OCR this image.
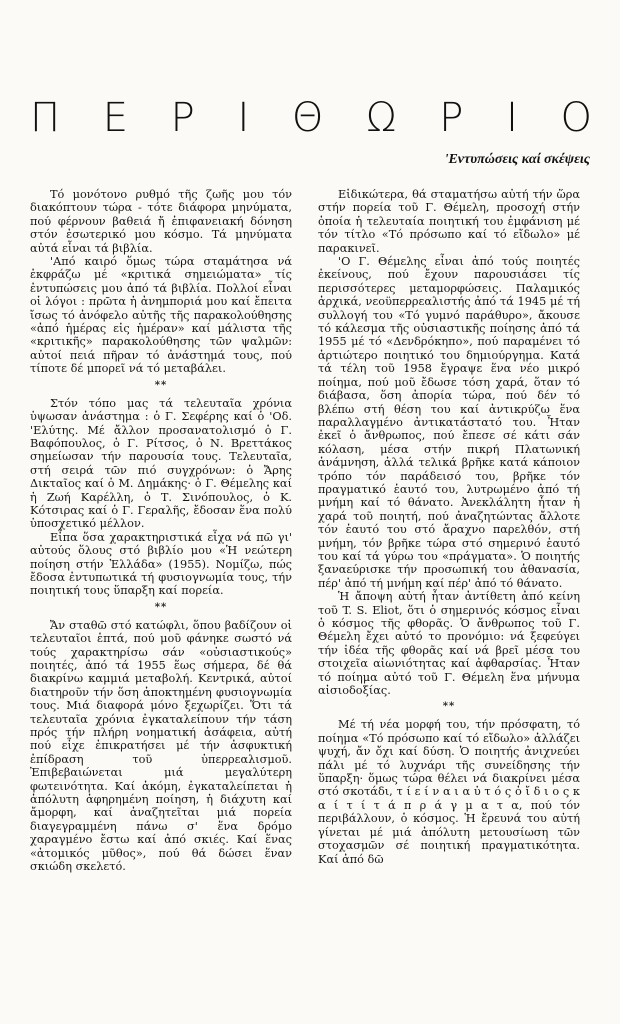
Π Ε Ρ Ι Θ Ω Ρ Ι Ο
'Εντυπώσεις καί σκέψεις

Τό μονότονο ρυθμό τῆς ζωῆς μου τόν διακόπτουν τώρα - τότε διάφορα μηνύματα, πού φέρνουν βαθειά ἤ ἐπιφανειακή δόνηση στόν ἐσωτερικό μου κόσμο. Τά μηνύματα αὐτά εἶναι τά βιβλία.

'Από καιρό ὅμως τώρα σταμάτησα νά ἐκφράζω μέ «κριτικά σημειώματα» τίς ἐντυπώσεις μου ἀπό τά βιβλία. Πολλοί εἶναι οἱ λόγοι : πρῶτα ἡ ἀνημποριά μου καί ἔπειτα ἴσως τό ἀνόφελο αὐτῆς τῆς παρακολούθησης «ἀπό ἡμέρας εἰς ἡμέραν» καί μάλιστα τῆς «κριτικῆς» παρακολούθησης τῶν ψαλμῶν: αὐτοί πειά πῆραν τό ἀνάστημά τους, πού τίποτε δέ μπορεῖ νά τό μεταβάλει.

**

Στόν τόπο μας τά τελευταῖα χρόνια ὑψωσαν ἀνάστημα : ὁ Γ. Σεφέρης καί ὁ 'Οδ. 'Ελύτης. Μέ ἄλλον προσανατολισμό ὁ Γ. Βαφόπουλος, ὁ Γ. Ρίτσος, ὁ Ν. Βρεττάκος σημείωσαν τήν παρουσία τους. Τελευταῖα, στή σειρά τῶν πιό συγχρόνων: ὁ Ἄρης Δικταῖος καί ὁ Μ. Δημάκης· ὁ Γ. Θέμελης καί ἡ Ζωή Καρέλλη, ὁ Τ. Σινόπουλος, ὁ Κ. Κότσιρας καί ὁ Γ. Γεραλῆς, ἔδοσαν ἕνα πολύ ὑποσχετικό μέλλον.

Εἶπα ὅσα χαρακτηριστικά εἶχα νά πῶ γι' αὐτούς ὅλους στό βιβλίο μου «Ἡ νεώτερη ποίηση στήν Ἑλλάδα» (1955). Νομίζω, πώς ἔδοσα ἐντυπωτικά τή φυσιογνωμία τους, τήν ποιητική τους ὕπαρξη καί πορεία.

**

Ἄν σταθῶ στό κατώφλι, ὅπου βαδίζουν οἱ τελευταῖοι ἑπτά, πού μοῦ φάνηκε σωστό νά τούς χαρακτηρίσω σάν «οὐσιαστικούς» ποιητές, ἀπό τά 1955 ἕως σήμερα, δέ θά διακρίνω καμμιά μεταβολή. Κεντρικά, αὐτοί διατηροῦν τήν ὅση ἀποκτημένη φυσιογνωμία τους. Μιά διαφορά μόνο ξεχωρίζει. Ὅτι τά τελευταῖα χρόνια ἐγκαταλείπουν τήν τάση πρός τήν πλήρη νοηματική ἀσάφεια, αὐτή πού εἶχε ἐπικρατήσει μέ τήν ἀσφυκτική ἐπίδραση τοῦ ὑπερρεαλισμοῦ. Ἐπιβεβαιώνεται μιά μεγαλύτερη φωτεινότητα. Καί ἀκόμη, ἐγκαταλείπεται ἡ ἀπόλυτη ἀφηρημένη ποίηση, ἡ διάχυτη καί ἄμορφη, καί ἀναζητεῖται μιά πορεία διαγεγραμμένη πάνω σ' ἕνα δρόμο χαραγμένο ἔστω καί ἀπό σκιές. Καί ἕνας «ἀτομικός μῦθος», πού θά δώσει ἕναν σκιώδη σκελετό.

Εἰδικώτερα, θά σταματήσω αὐτή τήν ὥρα στήν πορεία τοῦ Γ. Θέμελη, προσοχή στήν ὁποία ἡ τελευταία ποιητική του ἐμφάνιση μέ τόν τίτλο «Τό πρόσωπο καί τό εἴδωλο» μέ παρακινεῖ.

'Ο Γ. Θέμελης εἶναι ἀπό τούς ποιητές ἐκείνους, πού ἔχουν παρουσιάσει τίς περισσότερες μεταμορφώσεις. Παλαμικός ἀρχικά, νεοϋπερρεαλιστής ἀπό τά 1945 μέ τή συλλογή του «Τό γυμνό παράθυρο», ἄκουσε τό κάλεσμα τῆς οὐσιαστικῆς ποίησης ἀπό τά 1955 μέ τό «Δενδρόκηπο», πού παραμένει τό ἀρτιώτερο ποιητικό του δημιούργημα. Κατά τά τέλη τοῦ 1958 ἔγραψε ἕνα νέο μικρό ποίημα, πού μοῦ ἔδωσε τόση χαρά, ὅταν τό διάβασα, ὅση ἀπορία τώρα, πού δέν τό βλέπω στή θέση του καί ἀντικρύζω ἕνα παραλλαγμένο ἀντικατάστατό του. Ἦταν ἐκεῖ ὁ ἄνθρωπος, πού ἔπεσε σέ κάτι σάν κόλαση, μέσα στήν πικρή Πλατωνική ἀνάμνηση, ἀλλά τελικά βρῆκε κατά κάποιον τρόπο τόν παράδεισό του, βρῆκε τόν πραγματικό ἑαυτό του, λυτρωμένο ἀπό τή μνήμη καί τό θάνατο. Ἀνεκλάλητη ἦταν ἡ χαρά τοῦ ποιητή, πού ἀναζητώντας ἄλλοτε τόν ἑαυτό του στό ἄραχνο παρελθόν, στή μνήμη, τόν βρῆκε τώρα στό σημερινό ἑαυτό του καί τά γύρω του «πράγματα». Ὁ ποιητής ξαναεύρισκε τήν προσωπική του ἀθανασία, πέρ' ἀπό τή μνήμη καί πέρ' ἀπό τό θάνατο.

Ἡ ἄποψη αὐτή ἦταν ἀντίθετη ἀπό κείνη τοῦ T. S. Eliot, ὅτι ὁ σημερινός κόσμος εἶναι ὁ κόσμος τῆς φθορᾶς. Ὁ ἄνθρωπος τοῦ Γ. Θέμελη ἔχει αὐτό το προνόμιο: νά ξεφεύγει τήν ἰδέα τῆς φθορᾶς καί νά βρεῖ μέσα του στοιχεῖα αἰωνιότητας καί ἀφθαρσίας. Ἦταν τό ποίημα αὐτό τοῦ Γ. Θέμελη ἕνα μήνυμα αἰσιοδοξίας.

**

Μέ τή νέα μορφή του, τήν πρόσφατη, τό ποίημα «Τό πρόσωπο καί τό εἴδωλο» ἀλλάζει ψυχή, ἄν ὄχι καί δύση. Ὁ ποιητής ἀνιχνεύει πάλι μέ τό λυχνάρι τῆς συνείδησης τήν ὕπαρξη· ὅμως τώρα θέλει νά διακρίνει μέσα στό σκοτάδι, τ ί ε ί ν α ι α ὐ τ ό ς ὁ ἴ δ ι ο ς κ α ί τ ί τ ά π ρ ά γ μ α τ α, πού τόν περιβάλλουν, ὁ κόσμος. Ἡ ἔρευνά του αὐτή γίνεται μέ μιά ἀπόλυτη μετουσίωση τῶν στοχασμῶν σέ ποιητική πραγματικότητα. Καί ἀπό δῶ
